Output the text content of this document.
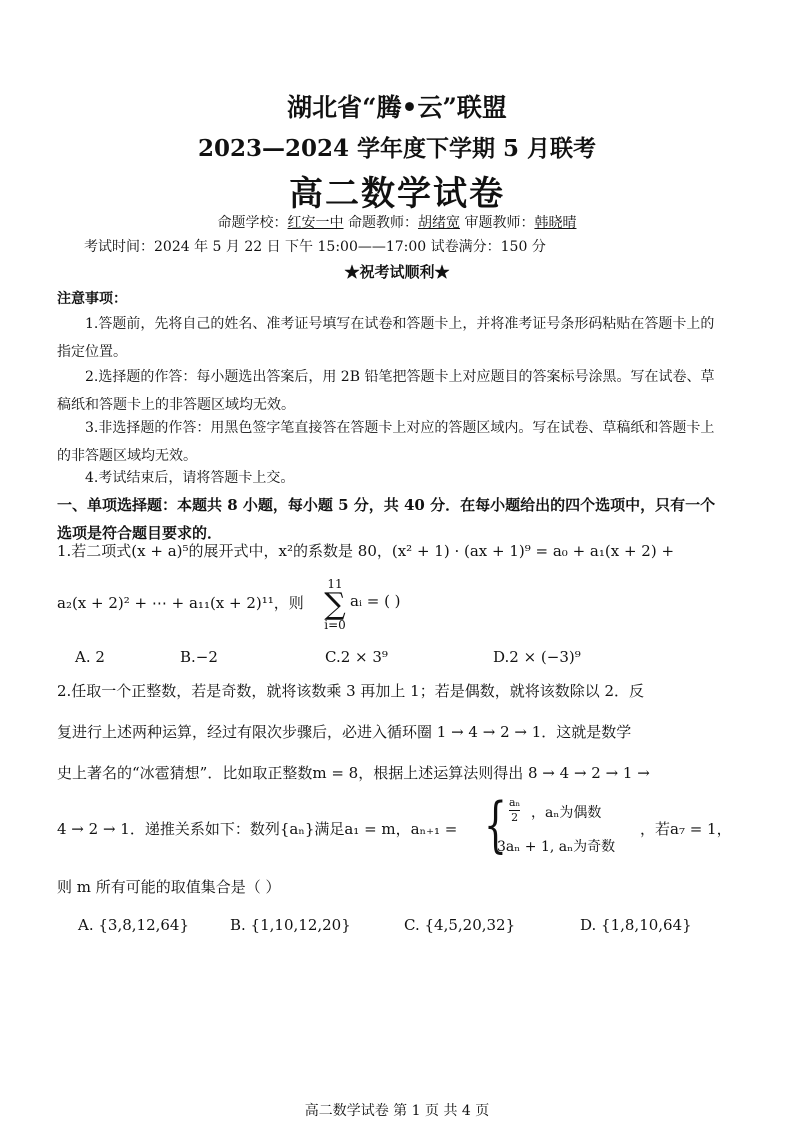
湖北省“腾•云”联盟
2023—2024 学年度下学期 5 月联考
高二数学试卷
命题学校：红安一中 命题教师：胡绪宽 审题教师：韩晓晴
考试时间：2024 年 5 月 22 日 下午 15:00——17:00 试卷满分：150 分
★祝考试顺利★
注意事项：
1.答题前，先将自己的姓名、准考证号填写在试卷和答题卡上，并将准考证号条形码粘贴在答题卡上的指定位置。
2.选择题的作答：每小题选出答案后，用 2B 铅笔把答题卡上对应题目的答案标号涂黑。写在试卷、草稿纸和答题卡上的非答题区域均无效。
3.非选择题的作答：用黑色签字笔直接答在答题卡上对应的答题区域内。写在试卷、草稿纸和答题卡上的非答题区域均无效。
4.考试结束后，请将答题卡上交。
一、单项选择题：本题共 8 小题，每小题 5 分，共 40 分．在每小题给出的四个选项中，只有一个选项是符合题目要求的．
1.若二项式(x + a)⁵的展开式中，x²的系数是 80，(x² + 1) · (ax + 1)⁹ = a₀ + a₁(x + 2) +
a₂(x + 2)² + ⋯ + a₁₁(x + 2)¹¹，则
11
∑
i=0
aᵢ = ( )
A. 2	B.−2	C.2 × 3⁹	D.2 × (−3)⁹
2.任取一个正整数，若是奇数，就将该数乘 3 再加上 1；若是偶数，就将该数除以 2．反
复进行上述两种运算，经过有限次步骤后，必进入循环圈 1 → 4 → 2 → 1．这就是数学
史上著名的“冰雹猜想”．比如取正整数m = 8，根据上述运算法则得出 8 → 4 → 2 → 1 →
4 → 2 → 1．递推关系如下：数列{aₙ}满足a₁ = m，aₙ₊₁ = { aₙ
2 ，aₙ为偶数
3aₙ + 1, aₙ为奇数
，若a₇ = 1，
则 m 所有可能的取值集合是（ ）
A. {3,8,12,64}	B. {1,10,12,20}	C. {4,5,20,32}	D. {1,8,10,64}
高二数学试卷 第 1 页 共 4 页
